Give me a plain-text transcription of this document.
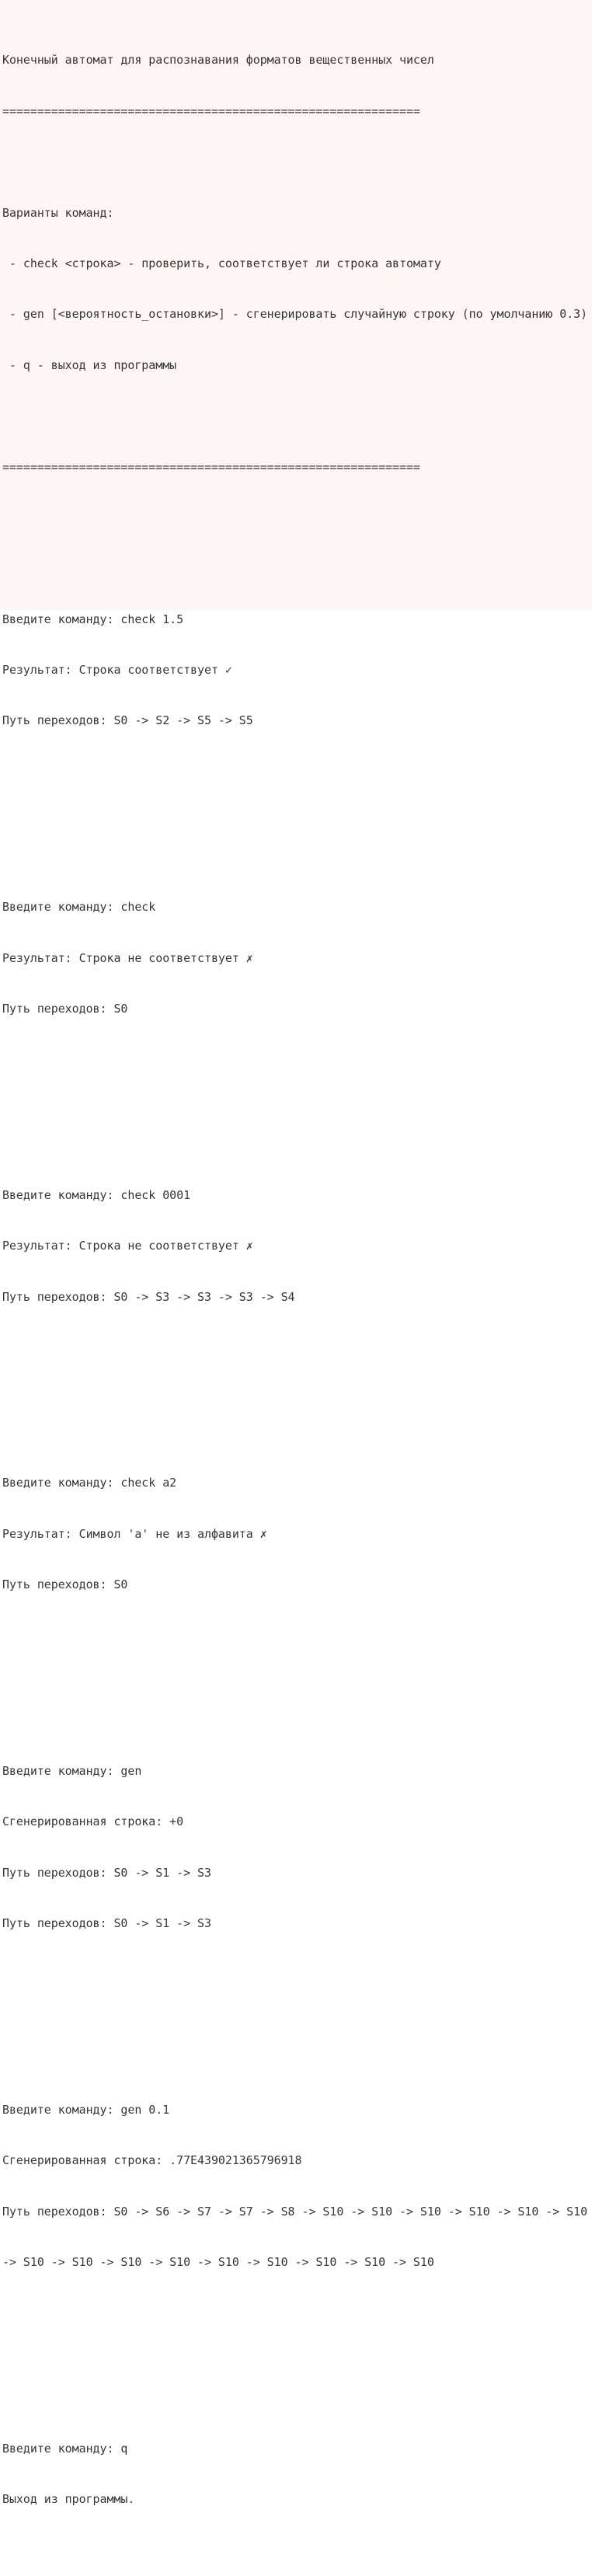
Конечный автомат для распознавания форматов вещественных чисел

============================================================

Варианты команд:

- check <строка> - проверить, соответствует ли строка автомату

- gen [<вероятность_остановки>] - сгенерировать случайную строку (по умолчанию 0.3)

- q - выход из программы

============================================================

Введите команду: check 1.5

Результат: Строка соответствует ✓

Путь переходов: S0 -> S2 -> S5 -> S5

Введите команду: check

Результат: Строка не соответствует ✗

Путь переходов: S0

Введите команду: check 0001

Результат: Строка не соответствует ✗

Путь переходов: S0 -> S3 -> S3 -> S3 -> S4

Введите команду: check a2

Результат: Символ 'a' не из алфавита ✗

Путь переходов: S0

Введите команду: gen

Сгенерированная строка: +0

Путь переходов: S0 -> S1 -> S3

Путь переходов: S0 -> S1 -> S3

Введите команду: gen 0.1

Сгенерированная строка: .77E439021365796918

Путь переходов: S0 -> S6 -> S7 -> S7 -> S8 -> S10 -> S10 -> S10 -> S10 -> S10 -> S10

-> S10 -> S10 -> S10 -> S10 -> S10 -> S10 -> S10 -> S10 -> S10

Введите команду: q

Выход из программы.
